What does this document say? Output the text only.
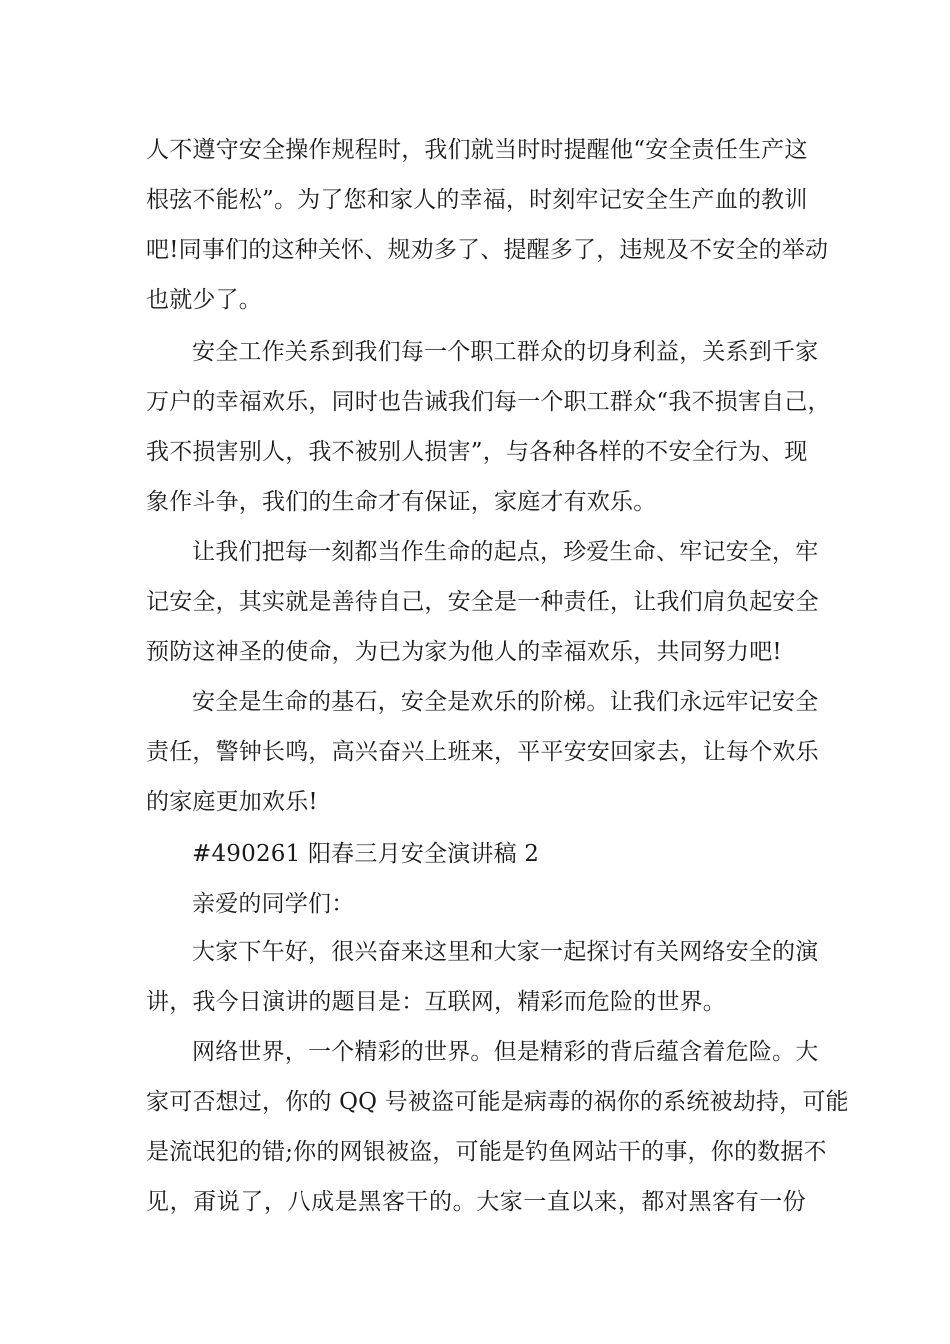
人不遵守安全操作规程时，我们就当时时提醒他“安全责任生产这
根弦不能松”。为了您和家人的幸福，时刻牢记安全生产血的教训
吧!同事们的这种关怀、规劝多了、提醒多了，违规及不安全的举动
也就少了。
安全工作关系到我们每一个职工群众的切身利益，关系到千家
万户的幸福欢乐，同时也告诫我们每一个职工群众“我不损害自己，
我不损害别人，我不被别人损害”，与各种各样的不安全行为、现
象作斗争，我们的生命才有保证，家庭才有欢乐。
让我们把每一刻都当作生命的起点，珍爱生命、牢记安全，牢
记安全，其实就是善待自己，安全是一种责任，让我们肩负起安全
预防这神圣的使命，为已为家为他人的幸福欢乐，共同努力吧!
安全是生命的基石，安全是欢乐的阶梯。让我们永远牢记安全
责任，警钟长鸣，高兴奋兴上班来，平平安安回家去，让每个欢乐
的家庭更加欢乐!
#490261 阳春三月安全演讲稿 2
亲爱的同学们：
大家下午好，很兴奋来这里和大家一起探讨有关网络安全的演
讲，我今日演讲的题目是：互联网，精彩而危险的世界。
网络世界，一个精彩的世界。但是精彩的背后蕴含着危险。大
家可否想过，你的 QQ 号被盗可能是病毒的祸你的系统被劫持，可能
是流氓犯的错;你的网银被盗，可能是钓鱼网站干的事，你的数据不
见，甭说了，八成是黑客干的。大家一直以来，都对黑客有一份
